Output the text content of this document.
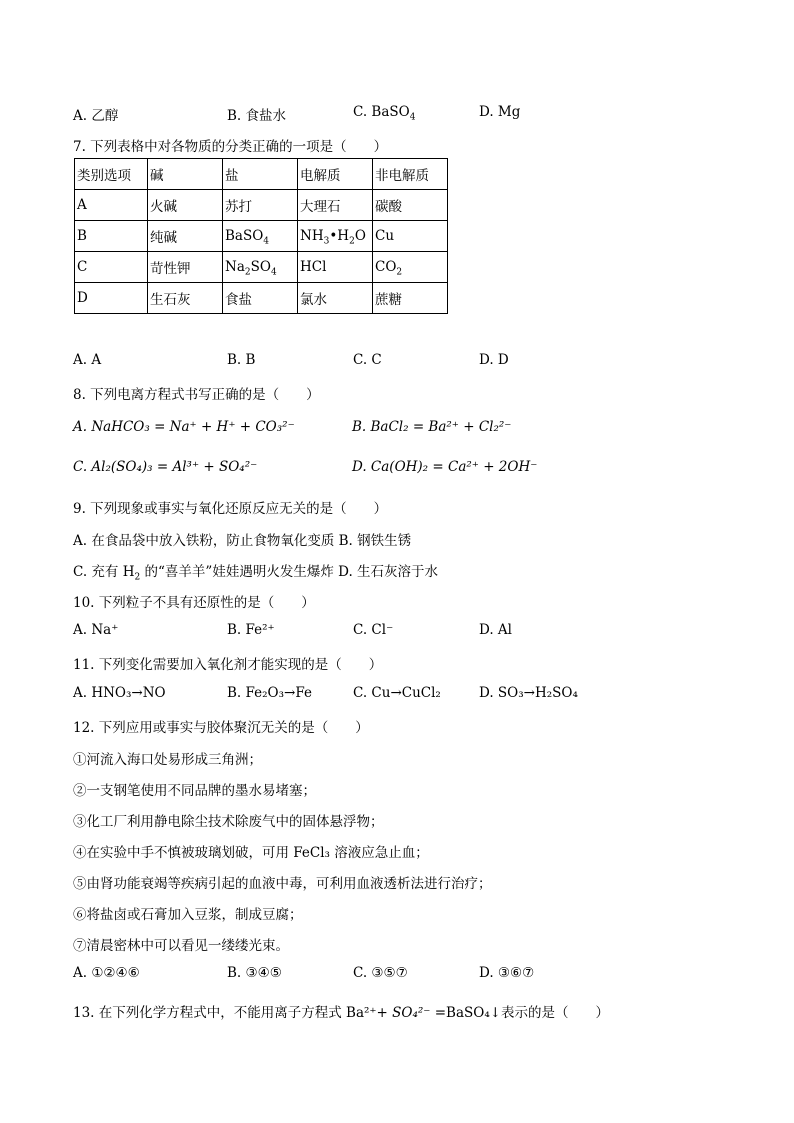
A. 乙醇	B. 食盐水	C. BaSO$_4$	D. Mg
7. 下列表格中对各物质的分类正确的一项是（　　）
类别选项	碱	盐	电解质	非电解质
A	火碱	苏打	大理石	碳酸
B	纯碱	BaSO$_4$	$NH_3•H_2O$	Cu
C	苛性钾	$Na_2SO_4$	HCl	$CO_2$
D	生石灰	食盐	氯水	蔗糖
A. A	B. B	C. C	D. D
8. 下列电离方程式书写正确的是（　　）
A. NaHCO₃ = Na⁺ + H⁺ + CO₃²⁻	B. BaCl₂ = Ba²⁺ + Cl₂²⁻
C. Al₂(SO₄)₃ = Al³⁺ + SO₄²⁻	D. Ca(OH)₂ = Ca²⁺ + 2OH⁻
9. 下列现象或事实与氧化还原反应无关的是（　　）
A. 在食品袋中放入铁粉，防止食物氧化变质 B. 钢铁生锈
C. 充有 $H_2$ 的“喜羊羊”娃娃遇明火发生爆炸 D. 生石灰溶于水
10. 下列粒子不具有还原性的是（　　）
A. Na⁺	B. Fe²⁺	C. Cl⁻	D. Al
11. 下列变化需要加入氧化剂才能实现的是（　　）
A. HNO₃→NO	B. Fe₂O₃→Fe	C. Cu→CuCl₂	D. SO₃→H₂SO₄
12. 下列应用或事实与胶体聚沉无关的是（　　）
①河流入海口处易形成三角洲；
②一支钢笔使用不同品牌的墨水易堵塞；
③化工厂利用静电除尘技术除废气中的固体悬浮物；
④在实验中手不慎被玻璃划破，可用 FeCl₃ 溶液应急止血；
⑤由肾功能衰竭等疾病引起的血液中毒，可利用血液透析法进行治疗；
⑥将盐卤或石膏加入豆浆，制成豆腐；
⑦清晨密林中可以看见一缕缕光束。
A. ①②④⑥	B. ③④⑤	C. ③⑤⑦	D. ③⑥⑦
13. 在下列化学方程式中，不能用离子方程式 Ba²⁺+ SO₄²⁻ =BaSO₄↓表示的是（　　）
